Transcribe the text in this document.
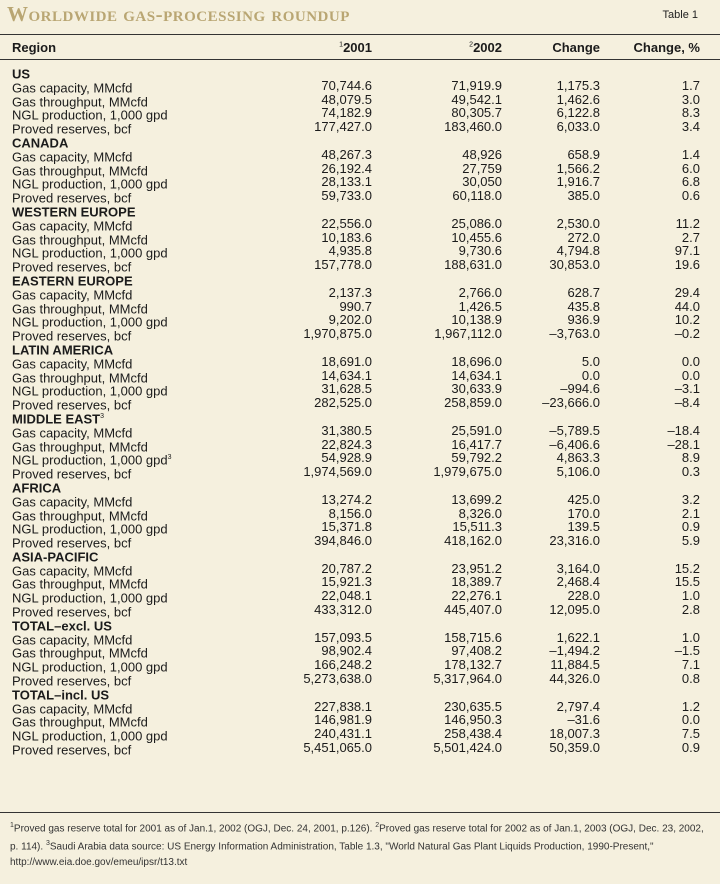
Worldwide gas-processing roundup	Table 1
Region	$^1$2001	$^2$2002	Change	Change, %
US
Gas capacity, MMcfd	70,744.6	71,919.9	1,175.3	1.7
Gas throughput, MMcfd	48,079.5	49,542.1	1,462.6	3.0
NGL production, 1,000 gpd	74,182.9	80,305.7	6,122.8	8.3
Proved reserves, bcf	177,427.0	183,460.0	6,033.0	3.4
CANADA
Gas capacity, MMcfd	48,267.3	48,926	658.9	1.4
Gas throughput, MMcfd	26,192.4	27,759	1,566.2	6.0
NGL production, 1,000 gpd	28,133.1	30,050	1,916.7	6.8
Proved reserves, bcf	59,733.0	60,118.0	385.0	0.6
WESTERN EUROPE
Gas capacity, MMcfd	22,556.0	25,086.0	2,530.0	11.2
Gas throughput, MMcfd	10,183.6	10,455.6	272.0	2.7
NGL production, 1,000 gpd	4,935.8	9,730.6	4,794.8	97.1
Proved reserves, bcf	157,778.0	188,631.0	30,853.0	19.6
EASTERN EUROPE
Gas capacity, MMcfd	2,137.3	2,766.0	628.7	29.4
Gas throughput, MMcfd	990.7	1,426.5	435.8	44.0
NGL production, 1,000 gpd	9,202.0	10,138.9	936.9	10.2
Proved reserves, bcf	1,970,875.0	1,967,112.0	–3,763.0	–0.2
LATIN AMERICA
Gas capacity, MMcfd	18,691.0	18,696.0	5.0	0.0
Gas throughput, MMcfd	14,634.1	14,634.1	0.0	0.0
NGL production, 1,000 gpd	31,628.5	30,633.9	–994.6	–3.1
Proved reserves, bcf	282,525.0	258,859.0	–23,666.0	–8.4
MIDDLE EAST$^3$
Gas capacity, MMcfd	31,380.5	25,591.0	–5,789.5	–18.4
Gas throughput, MMcfd	22,824.3	16,417.7	–6,406.6	–28.1
NGL production, 1,000 gpd$^3$	54,928.9	59,792.2	4,863.3	8.9
Proved reserves, bcf	1,974,569.0	1,979,675.0	5,106.0	0.3
AFRICA
Gas capacity, MMcfd	13,274.2	13,699.2	425.0	3.2
Gas throughput, MMcfd	8,156.0	8,326.0	170.0	2.1
NGL production, 1,000 gpd	15,371.8	15,511.3	139.5	0.9
Proved reserves, bcf	394,846.0	418,162.0	23,316.0	5.9
ASIA-PACIFIC
Gas capacity, MMcfd	20,787.2	23,951.2	3,164.0	15.2
Gas throughput, MMcfd	15,921.3	18,389.7	2,468.4	15.5
NGL production, 1,000 gpd	22,048.1	22,276.1	228.0	1.0
Proved reserves, bcf	433,312.0	445,407.0	12,095.0	2.8
TOTAL–excl. US
Gas capacity, MMcfd	157,093.5	158,715.6	1,622.1	1.0
Gas throughput, MMcfd	98,902.4	97,408.2	–1,494.2	–1.5
NGL production, 1,000 gpd	166,248.2	178,132.7	11,884.5	7.1
Proved reserves, bcf	5,273,638.0	5,317,964.0	44,326.0	0.8
TOTAL–incl. US
Gas capacity, MMcfd	227,838.1	230,635.5	2,797.4	1.2
Gas throughput, MMcfd	146,981.9	146,950.3	–31.6	0.0
NGL production, 1,000 gpd	240,431.1	258,438.4	18,007.3	7.5
Proved reserves, bcf	5,451,065.0	5,501,424.0	50,359.0	0.9
$^1$Proved gas reserve total for 2001 as of Jan.1, 2002 (OGJ, Dec. 24, 2001, p.126). $^2$Proved gas reserve total for 2002 as of Jan.1, 2003 (OGJ, Dec. 23, 2002, p. 114). $^3$Saudi Arabia data source: US Energy Information Administration, Table 1.3, "World Natural Gas Plant Liquids Production, 1990-Present," http://www.eia.doe.gov/emeu/ipsr/t13.txt
